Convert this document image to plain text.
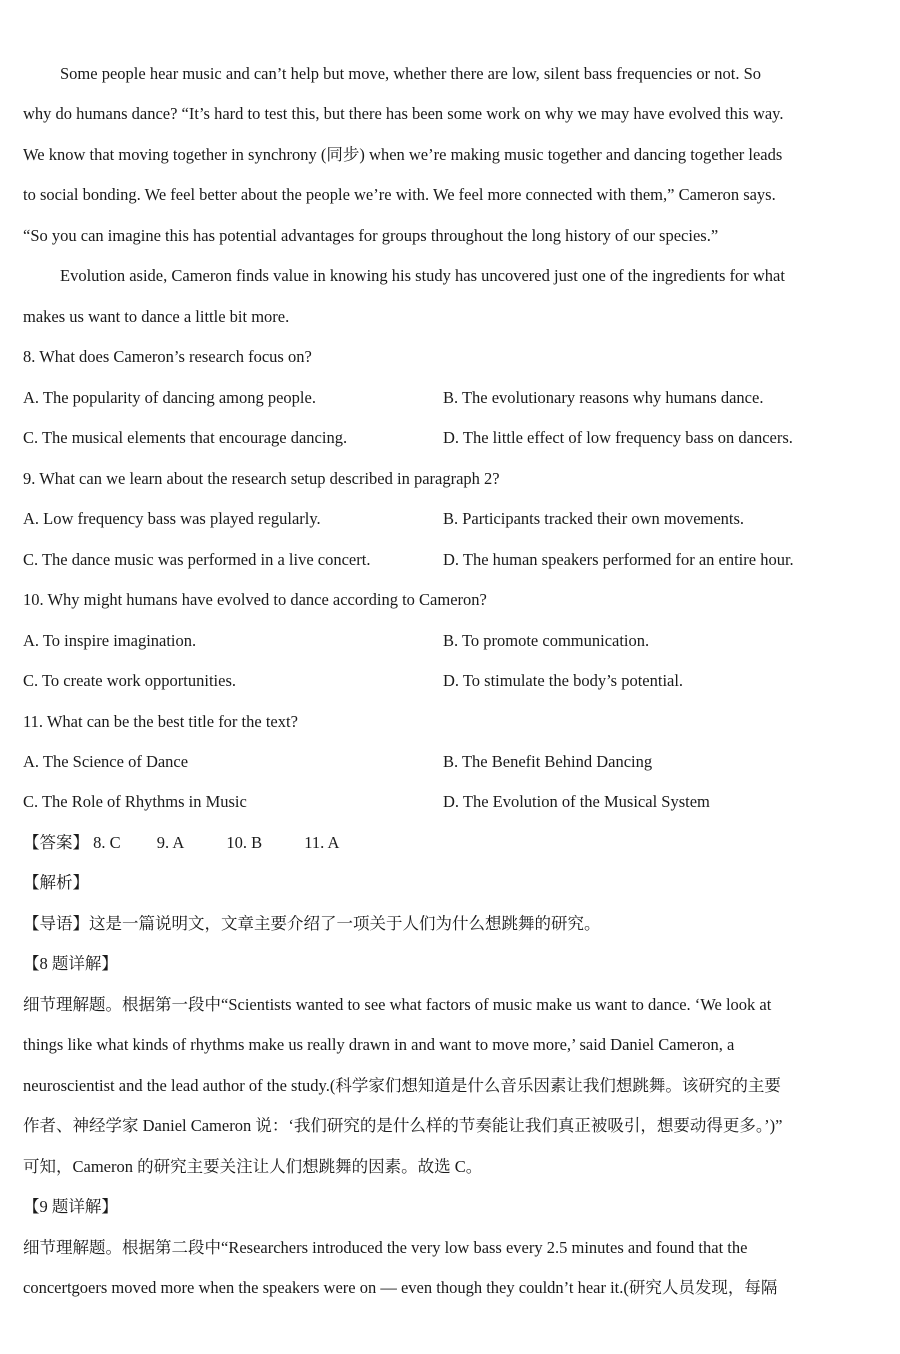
Some people hear music and can’t help but move, whether there are low, silent bass frequencies or not. So
why do humans dance? “It’s hard to test this, but there has been some work on why we may have evolved this way.
We know that moving together in synchrony (同步) when we’re making music together and dancing together leads
to social bonding. We feel better about the people we’re with. We feel more connected with them,” Cameron says.
“So you can imagine this has potential advantages for groups throughout the long history of our species.”
Evolution aside, Cameron finds value in knowing his study has uncovered just one of the ingredients for what
makes us want to dance a little bit more.
8. What does Cameron’s research focus on?
A. The popularity of dancing among people.	B. The evolutionary reasons why humans dance.
C. The musical elements that encourage dancing.	D. The little effect of low frequency bass on dancers.
9. What can we learn about the research setup described in paragraph 2?
A. Low frequency bass was played regularly.	B. Participants tracked their own movements.
C. The dance music was performed in a live concert.	D. The human speakers performed for an entire hour.
10. Why might humans have evolved to dance according to Cameron?
A. To inspire imagination.	B. To promote communication.
C. To create work opportunities.	D. To stimulate the body’s potential.
11. What can be the best title for the text?
A. The Science of Dance	B. The Benefit Behind Dancing
C. The Role of Rhythms in Music	D. The Evolution of the Musical System
【答案】 8. C 9. A	10. B	11. A
【解析】
【导语】这是一篇说明文，文章主要介绍了一项关于人们为什么想跳舞的研究。
【8 题详解】
细节理解题。根据第一段中“Scientists wanted to see what factors of music make us want to dance. ‘We look at
things like what kinds of rhythms make us really drawn in and want to move more,’ said Daniel Cameron, a
neuroscientist and the lead author of the study.(科学家们想知道是什么音乐因素让我们想跳舞。该研究的主要
作者、神经学家 Daniel Cameron 说：‘我们研究的是什么样的节奏能让我们真正被吸引，想要动得更多。’)”
可知，Cameron 的研究主要关注让人们想跳舞的因素。故选 C。
【9 题详解】
细节理解题。根据第二段中“Researchers introduced the very low bass every 2.5 minutes and found that the
concertgoers moved more when the speakers were on — even though they couldn’t hear it.(研究人员发现，每隔
